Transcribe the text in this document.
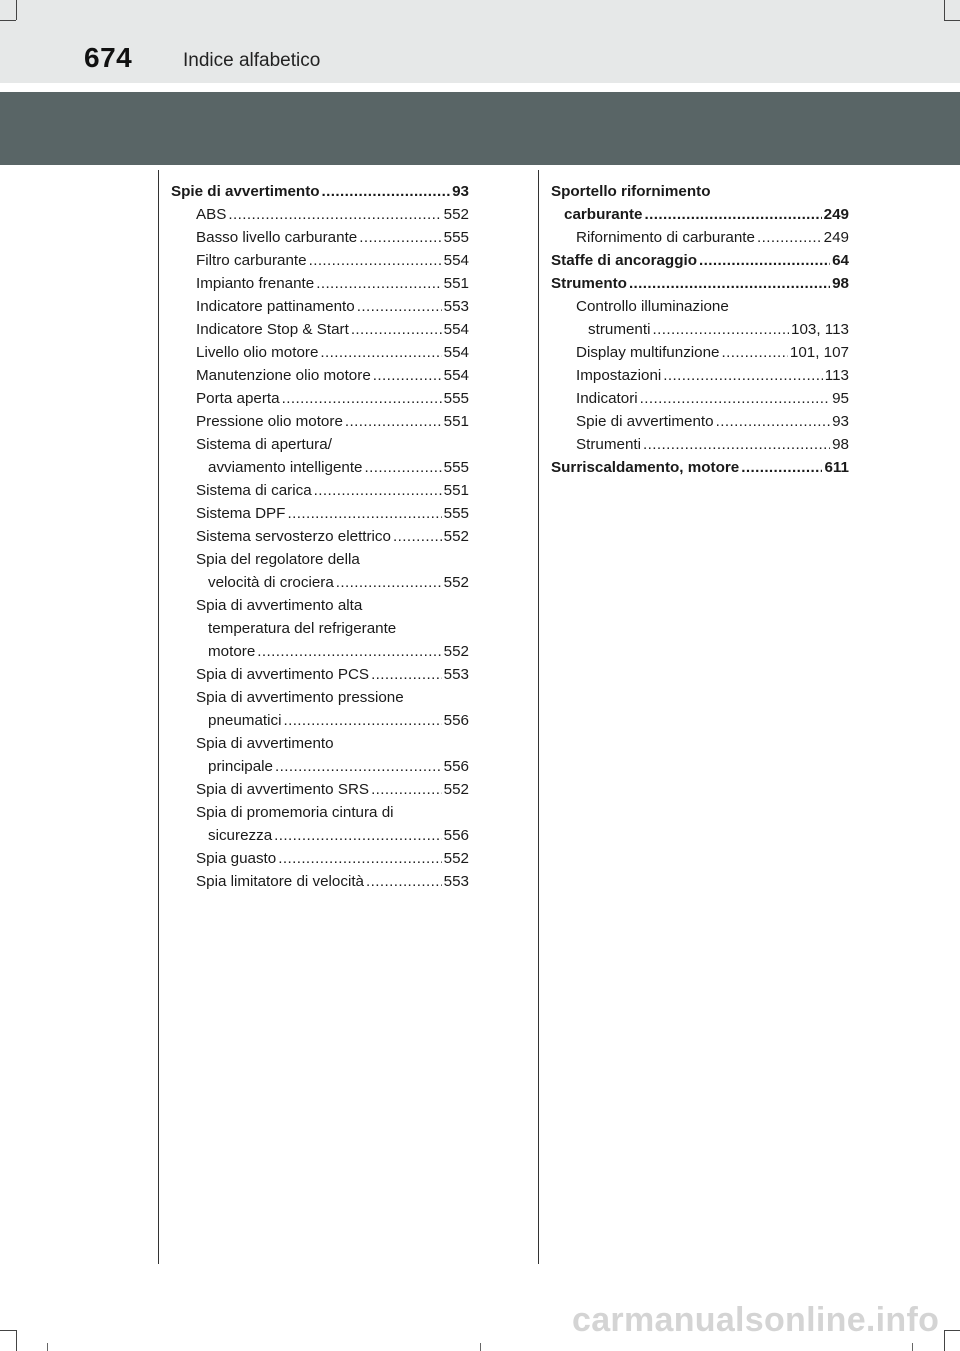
674	Indice alfabetico
Spie di avvertimento .....	93
ABS .....	552
Basso livello carburante .....	555
Filtro carburante .....	554
Impianto frenante .....	551
Indicatore pattinamento .....	553
Indicatore Stop & Start .....	554
Livello olio motore .....	554
Manutenzione olio motore .....	554
Porta aperta .....	555
Pressione olio motore .....	551
Sistema di apertura/
avviamento intelligente .....	555
Sistema di carica .....	551
Sistema DPF .....	555
Sistema servosterzo elettrico .....	552
Spia del regolatore della
velocità di crociera .....	552
Spia di avvertimento alta
temperatura del refrigerante
motore .....	552
Spia di avvertimento PCS .....	553
Spia di avvertimento pressione
pneumatici .....	556
Spia di avvertimento
principale .....	556
Spia di avvertimento SRS .....	552
Spia di promemoria cintura di
sicurezza .....	556
Spia guasto .....	552
Spia limitatore di velocità .....	553
Sportello rifornimento
carburante .....	249
Rifornimento di carburante .....	249
Staffe di ancoraggio .....	64
Strumento .....	98
Controllo illuminazione
strumenti .....	103, 113
Display multifunzione .....	101, 107
Impostazioni .....	113
Indicatori .....	95
Spie di avvertimento .....	93
Strumenti .....	98
Surriscaldamento, motore .....	611
carmanualsonline.info
